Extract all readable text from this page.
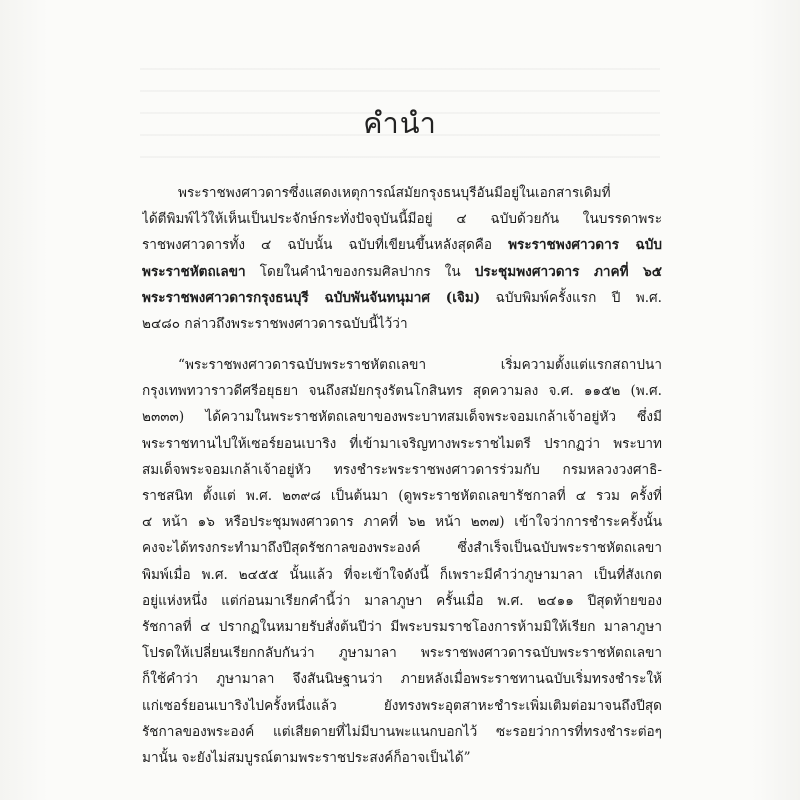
คำนำ
พระราชพงศาวดารซึ่งแสดงเหตุการณ์สมัยกรุงธนบุรีอันมีอยู่ในเอกสารเดิมที่
ได้ตีพิมพ์ไว้ให้เห็นเป็นประจักษ์กระทั่งปัจจุบันนี้มีอยู่ ๔ ฉบับด้วยกัน ในบรรดาพระ
ราชพงศาวดารทั้ง ๔ ฉบับนั้น ฉบับที่เขียนขึ้นหลังสุดคือ พระราชพงศาวดาร ฉบับ
พระราชหัตถเลขา โดยในคำนำของกรมศิลปากร ใน ประชุมพงศาวดาร ภาคที่ ๖๕
พระราชพงศาวดารกรุงธนบุรี ฉบับพันจันทนุมาศ (เจิม) ฉบับพิมพ์ครั้งแรก ปี พ.ศ.
๒๔๘๐ กล่าวถึงพระราชพงศาวดารฉบับนี้ไว้ว่า
“พระราชพงศาวดารฉบับพระราชหัตถเลขา เริ่มความตั้งแต่แรกสถาปนา
กรุงเทพทวาราวดีศรีอยุธยา จนถึงสมัยกรุงรัตนโกสินทร สุดความลง จ.ศ. ๑๑๕๒ (พ.ศ.
๒๓๓๓) ได้ความในพระราชหัตถเลขาของพระบาทสมเด็จพระจอมเกล้าเจ้าอยู่หัว ซึ่งมี
พระราชทานไปให้เซอร์ยอนเบาริง ที่เข้ามาเจริญทางพระราชไมตรี ปรากฏว่า พระบาท
สมเด็จพระจอมเกล้าเจ้าอยู่หัว ทรงชำระพระราชพงศาวดารร่วมกับ กรมหลวงวงศาธิ-
ราชสนิท ตั้งแต่ พ.ศ. ๒๓๙๘ เป็นต้นมา (ดูพระราชหัตถเลขารัชกาลที่ ๔ รวม ครั้งที่
๔ หน้า ๑๖ หรือประชุมพงศาวดาร ภาคที่ ๖๒ หน้า ๒๓๗) เข้าใจว่าการชำระครั้งนั้น
คงจะได้ทรงกระทำมาถึงปีสุดรัชกาลของพระองค์ ซึ่งสำเร็จเป็นฉบับพระราชหัตถเลขา
พิมพ์เมื่อ พ.ศ. ๒๔๕๕ นั้นแล้ว ที่จะเข้าใจดังนี้ ก็เพราะมีคำว่าภูษามาลา เป็นที่สังเกต
อยู่แห่งหนึ่ง แต่ก่อนมาเรียกคำนี้ว่า มาลาภูษา ครั้นเมื่อ พ.ศ. ๒๔๑๑ ปีสุดท้ายของ
รัชกาลที่ ๔ ปรากฏในหมายรับสั่งต้นปีว่า มีพระบรมราชโองการห้ามมิให้เรียก มาลาภูษา
โปรดให้เปลี่ยนเรียกกลับกันว่า ภูษามาลา พระราชพงศาวดารฉบับพระราชหัตถเลขา
ก็ใช้คำว่า ภูษามาลา จึงสันนิษฐานว่า ภายหลังเมื่อพระราชทานฉบับเริ่มทรงชำระให้
แก่เซอร์ยอนเบาริงไปครั้งหนึ่งแล้ว ยังทรงพระอุตสาหะชำระเพิ่มเติมต่อมาจนถึงปีสุด
รัชกาลของพระองค์ แต่เสียดายที่ไม่มีบานพะแนกบอกไว้ ซะรอยว่าการที่ทรงชำระต่อๆ
มานั้น จะยังไม่สมบูรณ์ตามพระราชประสงค์ก็อาจเป็นได้”
